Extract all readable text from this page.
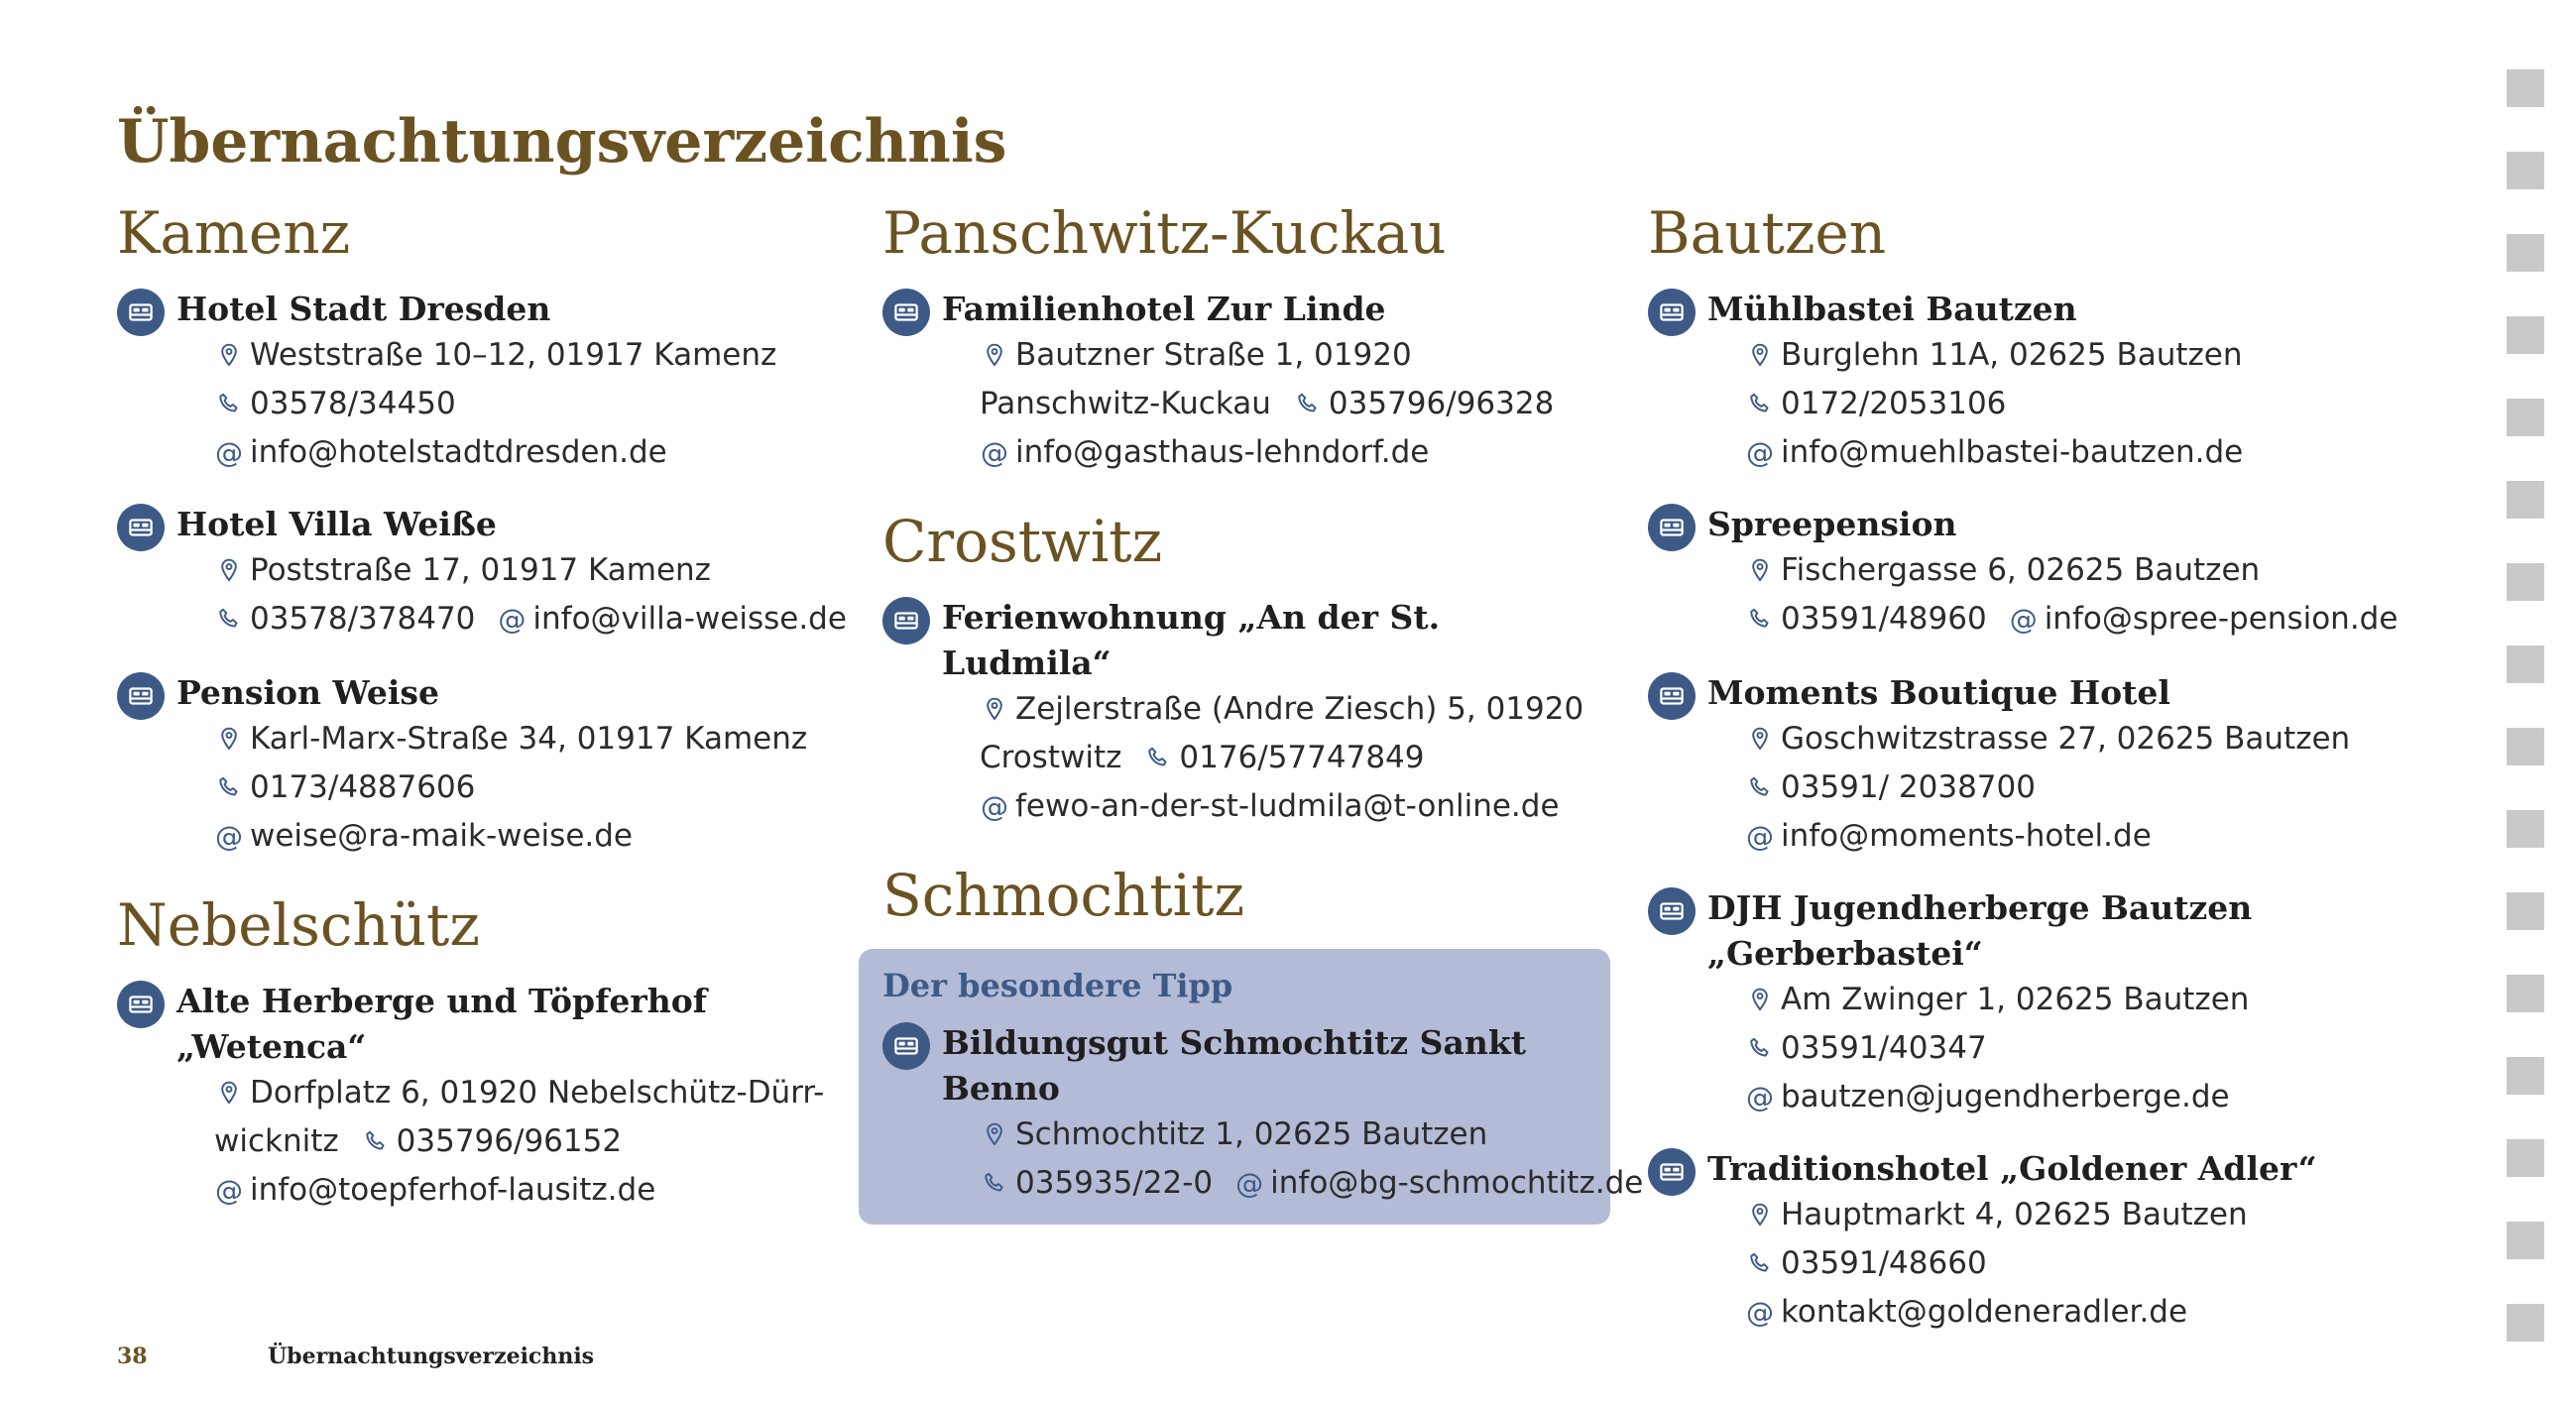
Übernachtungsverzeichnis
Kamenz
Hotel Stadt Dresden
Weststraße 10–12, 01917 Kamenz
03578/34450
@ info@hotelstadtdresden.de
Hotel Villa Weiße
Poststraße 17, 01917 Kamenz
03578/378470 @ info@villa-weisse.de
Pension Weise
Karl-Marx-Straße 34, 01917 Kamenz
0173/4887606
@ weise@ra-maik-weise.de
Nebelschütz
Alte Herberge und Töpferhof „Wetenca“
Dorfplatz 6, 01920 Nebelschütz-Dürr-wicknitz 035796/96152
@ info@toepferhof-lausitz.de
Panschwitz-Kuckau
Familienhotel Zur Linde
Bautzner Straße 1, 01920 Panschwitz-Kuckau 035796/96328
@ info@gasthaus-lehndorf.de
Crostwitz
Ferienwohnung „An der St. Ludmila“
Zejlerstraße (Andre Ziesch) 5, 01920 Crostwitz 0176/57747849
@ fewo-an-der-st-ludmila@t-online.de
Schmochtitz
Der besondere Tipp
Bildungsgut Schmochtitz Sankt Benno
Schmochtitz 1, 02625 Bautzen
035935/22-0 @ info@bg-schmochtitz.de
Bautzen
Mühlbastei Bautzen
Burglehn 11A, 02625 Bautzen
0172/2053106
@ info@muehlbastei-bautzen.de
Spreepension
Fischergasse 6, 02625 Bautzen
03591/48960 @ info@spree-pension.de
Moments Boutique Hotel
Goschwitzstrasse 27, 02625 Bautzen
03591/ 2038700
@ info@moments-hotel.de
DJH Jugendherberge Bautzen „Gerberbastei“
Am Zwinger 1, 02625 Bautzen
03591/40347
@ bautzen@jugendherberge.de
Traditionshotel „Goldener Adler“
Hauptmarkt 4, 02625 Bautzen
03591/48660
@ kontakt@goldeneradler.de

38	Übernachtungsverzeichnis
